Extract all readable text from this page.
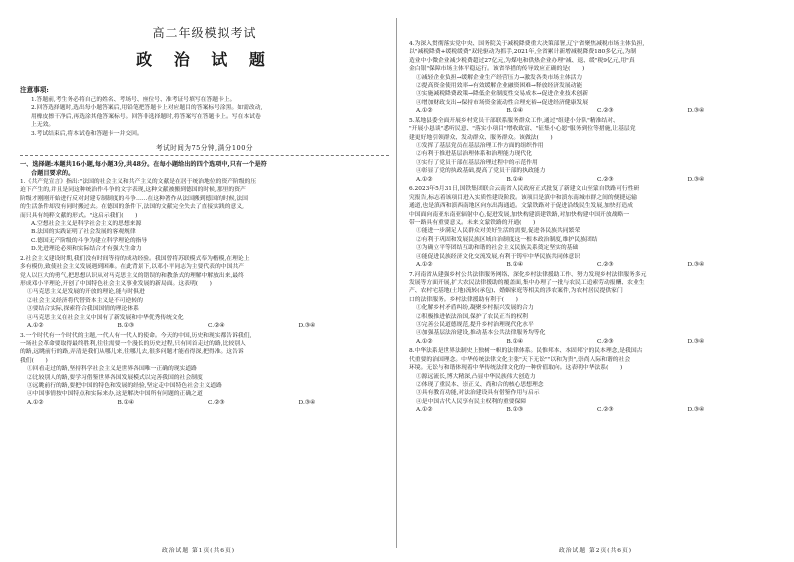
高二年级模拟考试
政 治 试 题
注意事项:
1.答题前,考生务必将自己的姓名、考场号、座位号、准考证号填写在答题卡上。
2.回答选择题时,选出每小题答案后,用铅笔把答题卡上对应题目的答案标号涂黑。如需改动,
用橡皮擦干净后,再选涂其他答案标号。回答非选择题时,将答案写在答题卡上。写在本试卷
上无效。
3.考试结束后,将本试卷和答题卡一并交回。
考试时间为75分钟,满分100分
一、选择题:本题共16小题,每小题3分,共48分。在每小题给出的四个选项中,只有一个是符
合题目要求的。
1.《共产党宣言》指出:"法国的社会主义和共产主义的文献是在居于统治地位的资产阶级的压
迫下产生的,并且是同这种统治作斗争的文字表现,这种文献被搬到德国的时候,那里的资产
阶级才刚刚开始进行反对封建专制制度的斗争……在这种著作从法国搬到德国的时候,法国
的生活条件却没有同时搬过去。在德国的条件下,法国的文献完全失去了直接实践的意义,
而只具有纯粹文献的形式。"这启示我们(　　)
A.空想社会主义是科学社会主义的思想来源
B.法国的实践证明了社会发展的客观规律
C.德国无产阶级的斗争为建立科学理论的指导
D.先进理论必须和实际结合才有强大生命力
2.社会主义建设时期,我们没有时间等待的成功经验。我国曾将苏联模式奉为楷模,在理论上
多有模仿,致使社会主义发展遇到困难。在此背景下,以邓小平同志为主要代表的中国共产
党人以巨大的勇气,把思想认识从对马克思主义的错误的和教条式的理解中解放出来,最终
形成邓小平理论,开创了中国特色社会主义事业发展的新局面。这表明(　　)
①马克思主义是发展的开放的理论,能与时俱进
②社会主义经济将代替资本主义是不可逆转的
③要结合实际,探索符合我国国情的理论体系
④马克思主义在社会主义中国有了新发展和中华优秀传统文化
A.①②	B.①③	C.②④	D.③④
3.一个时代有一个时代的主题,一代人有一代人的使命。今天的中国,历史和现实都告诉我们,
一场社会革命要取得最终胜利,往往需要一个漫长的历史过程,只有回首走过的路,比较别人
的路,远眺前行的路,弄清是我们从哪儿来,往哪儿去,很多问题才能看得深,把得准。这告诉
我们(　　)
①回看走过的路,坚持科学社会主义是世界各国唯一正确的现实道路
②比较别人的路,要学习借鉴世界各国发展模式以完善我国的社会制度
③远眺前行的路,要把中国的特色和发展的经验,坚定走中国特色社会主义道路
④中国事情按中国特点和实际来办,这是解决中国所有问题的正确之道
A.①②	B.①④	C.②③	D.③④
政治试题 第1页(共6页)
4.为深入贯彻落实党中央、国务院关于减税降费重大决策部署,辽宁省聚焦减税市场主体负担,
以"减税降费+缓税缓费"双轮驱动为抓手,2021年,全省累计新增减税降费180多亿元,为制
造业中小微企业减少税费超过27亿元,为煤电和供热企业办理"减、退、缓"税9亿元,用"真
金白银"保障市场主体平稳运行。该省举措的传导效应正确的是(　　)
①减轻企业负担→缓解企业生产经营压力→激发各类市场主体活力
②提高资金使用效率→有效缓解企业融资困难→释放经济发展动能
③实施减税降费政策→降低企业制度性交易成本→促进企业技术创新
④增加财政支出→保持市场资金流动性合理充裕→促进经济健康发展
A.①②	B.①④	C.②③	D.③④
5.某地县委全面开展乡村党员干部联系服务群众工作,通过"组建小分队"精准结对、
"开展小恳谈"悉听民意、"落实小项目"增收致富、"征集小心愿"服务到位等措施,让基层党
建更好地引领群众、发动群众、服务群众。该做法(　　)
①发挥了基层党员在基层治理工作方面的组织作用
②有利于推进基层治理体系和治理能力现代化
③实行了党员干部在基层治理过程中的示范作用
④彰显了党的执政基础,提高了党员干部的执政能力
A.①②	B.①④	C.②③	D.③④
6.2023年5月31日,国铁集团联合云南省人民政府正式批复了新建文山至蒙自铁路可行性研
究报告,标志着该项目进入实质性建设阶段。该项目是滇中和滇东南城市群之间的便捷运输
通道,也是滇西和滇西南地区向东出海通道。文蒙铁路对于促进沿线民生发展,加快打造成
中国面向南亚东南亚辐射中心,促进发展,加快构建滇建铁路,对加快构建中国开放战略一
带一路具有重要意义。未来文蒙铁路的开通(　　)
①能进一步满足人民群众对美好生活的需要,促进各民族共同繁荣
②有利于巩固和发展民族区域自治制度这一根本政治制度,维护民族团结
③为确立平等团结互助和谐的社会主义民族关系奠定坚实的基础
④能促进民族经济文化交流发展,有利于铸牢中华民族共同体意识
A.①②	B.①④	C.②③	D.③④
7.河南省从建强乡村公共法律服务网络、深化乡村法律援助工作、努力发现乡村法律服务多元
发展等方面开展,扩大农民法律援助的覆盖面,集中办理了一批与农民工追索劳动报酬、农业生
产、农村宅基地(土地)流转(承包)、婚姻家庭等相关的涉农案件,为农村居民提供家门
口的法律服务。乡村法律援助有利于(　　)
①化解乡村矛盾纠纷,凝聚乡村振兴发展的合力
②积极推进依法治国,保护了农民正当的权利
③完善公民道德规范,提升乡村治理现代化水平
④加强基层法治建设,推动基本公共法律服务均等化
A.①②	B.①④	C.②③	D.③④
8.中华法系是世界法制史上独树一帜的法律体系。民惟邦本、本固邦宁的民本理念,是我国古
代重要的治国理念。中华传统法律文化主张"天下无讼""以和为贵",崇尚人际和谐的社会
环境。无讼与和谐体现着中华传统法律文化的一种价值取向。这表明中华法系(　　)
①源远流长,博大精深,凸显中华民族伟大创造力
②体现了重民本、崇正义、尚和合的核心思想理念
③具有教育功能,对法治建设具有借鉴作用与启示
④是中国古代人民享有民主权利的重要保障
A.①②	B.①③	C.②③	D.③④
政治试题 第2页(共6页)
